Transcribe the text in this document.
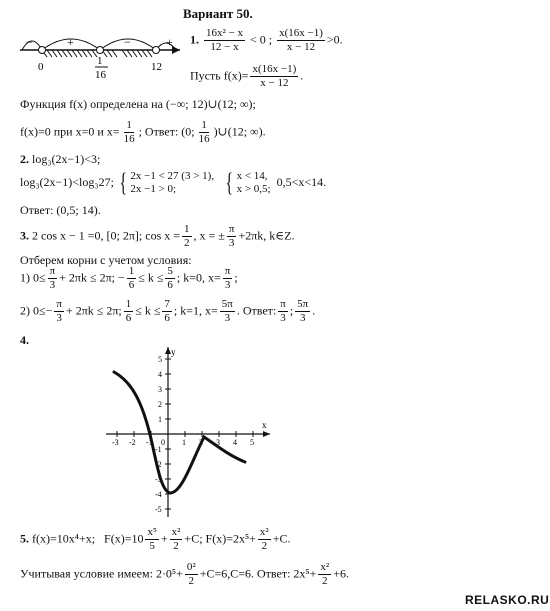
Вариант 50.
−	+	−	+
0	1
16
12
1. $\frac{\text{16x² − x}}{12 - x} < 0$ ; $\frac{x(16x -1)}{x - 12} >0$.
Пусть $f(x)= \frac{x(16x -1)}{x - 12}$ .
Функция f(x) определена на (−∞; 12)∪(12; ∞);
f(x)=0 при x=0 и $x= \frac{1}{16}$ ; Ответ: (0; $\frac{1}{16}$ )∪(12; ∞).
2. log₃(2x−1)<3;
log₃(2x−1)<log₃27; { 2x −1 < 27 (3 > 1),
2x −1 > 0;	{ x < 14,
x > 0,5;
0,5<x<14.
Ответ: (0,5; 14).
3. 2 cos x − 1 =0, [0; 2π]; $\cos x = \frac{1}{2}$ , x = ± $\frac{\pi}{3} +2\pi k$, k∈Z.
Отберем корни с учетом условия:
1) $0\le \frac{\pi}{3} + 2\pi k \le 2\pi$; − $\frac{1}{6} \le k \le \frac{5}{6}$ ; k=0, $x= \frac{\pi}{3}$ ;
2) $0\le- \frac{\pi}{3} + 2\pi k \le 2\pi$; $\frac{1}{6} \le k \le \frac{7}{6}$ ; k=1, $x= \frac{5\pi}{3}$ . Ответ: $\frac{\pi}{3}$ ; $\frac{5\pi}{3}$ .
4.
y
x
-3 -2 -1 0 1 2 3 4 5
5
4
3
2
1
-1
-2
-3
-4
-5
5. f(x)=10x⁴+x; $F(x)=10 \frac{\text{x⁵}}{5} + \frac{\text{x²}}{2} +C$; $F(x)=2x^5+ \frac{\text{x²}}{2} +C$.
Учитывая условие имеем: $2\cdot 0^5+ \frac{\text{0²}}{2} +C=6,C=6$. Ответ: $2x^5+ \frac{\text{x²}}{2} +6$.
RELASKO.RU
